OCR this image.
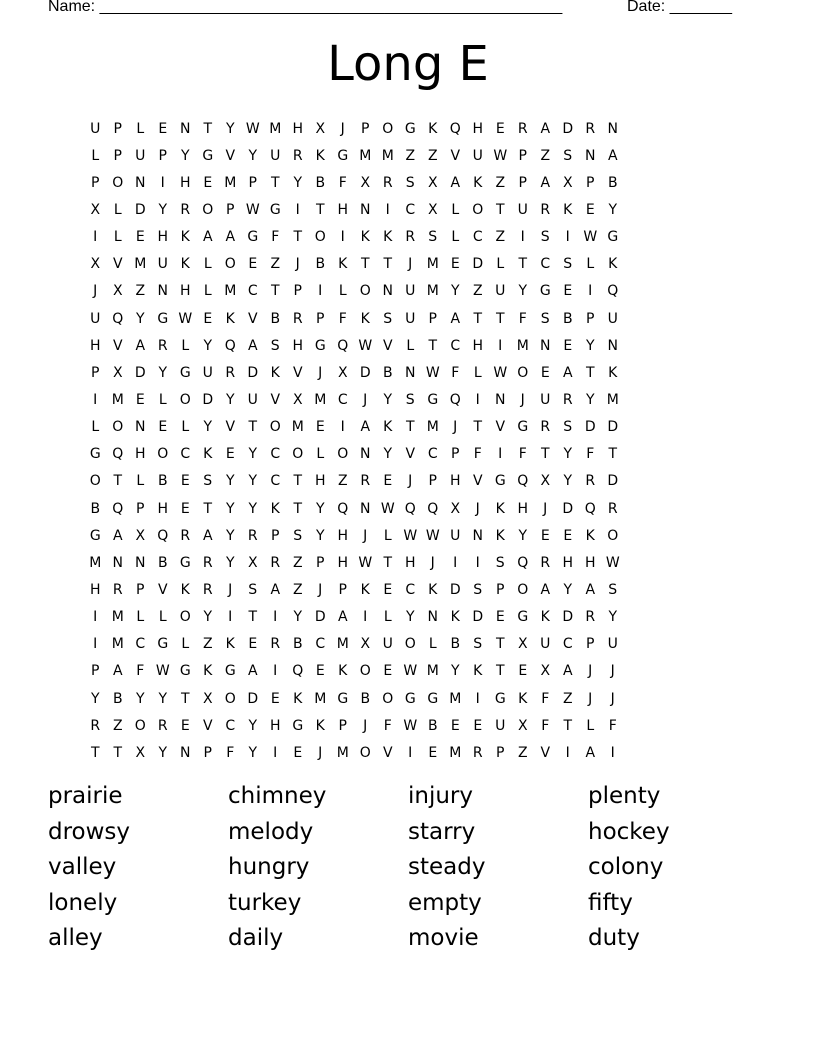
Name: ____________________________________________________	Date: _______
Long E
U P	L	E N T Y W M H X	J	P O G K Q H E R A D R N
L	P U P	Y G V Y U R K G M M Z Z V U W P Z S N A
P O N	I	H E M P	T Y B F X R S X A K Z P A X P B
X L D Y R O P W G	I	T H N	I	C X L O T U R K E Y
I	L	E H K A A G F	T O	I	K K R S	L C Z	I	S	I W G
X V M U K	L O E Z	J	B K T T	J	M E D L	T C S	L	K
J	X Z N H L M C T P	I	L O N U M Y Z U Y G E	I	Q
U Q Y G W E K V B R P	F K S U P A T T	F	S B P U
H V A R L	Y Q A S H G Q W V L	T C H	I	M N E Y N
P X D Y G U R D K V	J	X D B N W F	L W O E A T K
I	M E	L O D Y U V X M C	J	Y S G Q	I	N	J	U R Y M
L O N E	L	Y V T O M E	I	A K T M	J	T V G R S D D
G Q H O C K E Y C O L O N Y V C P	F	I	F	T Y	F	T
O T	L B E S Y Y C T H Z R E	J	P H V G Q X Y R D
B Q P H E T Y Y K T Y Q N W Q Q X	J	K H	J	D Q R
G A X Q R A Y R P S Y H	J	L W W U N K Y E E K O
M N N B G R Y X R Z P H W T H	J	I	I	S Q R H H W
H R P V K R	J	S A Z	J	P K E C K D S P O A Y A S
I	M L	L O Y	I	T	I	Y D A	I	L	Y N K D E G K D R Y
I	M C G L Z K E R B C M X U O L B S T X U C P U
P A F W G K G A	I	Q E K O E W M Y K T E X A	J	J
Y B Y Y T X O D E K M G B O G G M	I	G K F Z	J	J
R Z O R E V C Y H G K P	J	F W B E E U X F	T	L	F
T T X Y N P	F	Y	I	E	J	M O V	I	E M R P Z V	I	A	I
prairie	chimney	injury	plenty
drowsy	melody	starry	hockey
valley	hungry	steady	colony
lonely	turkey	empty	fifty
alley	daily	movie	duty
